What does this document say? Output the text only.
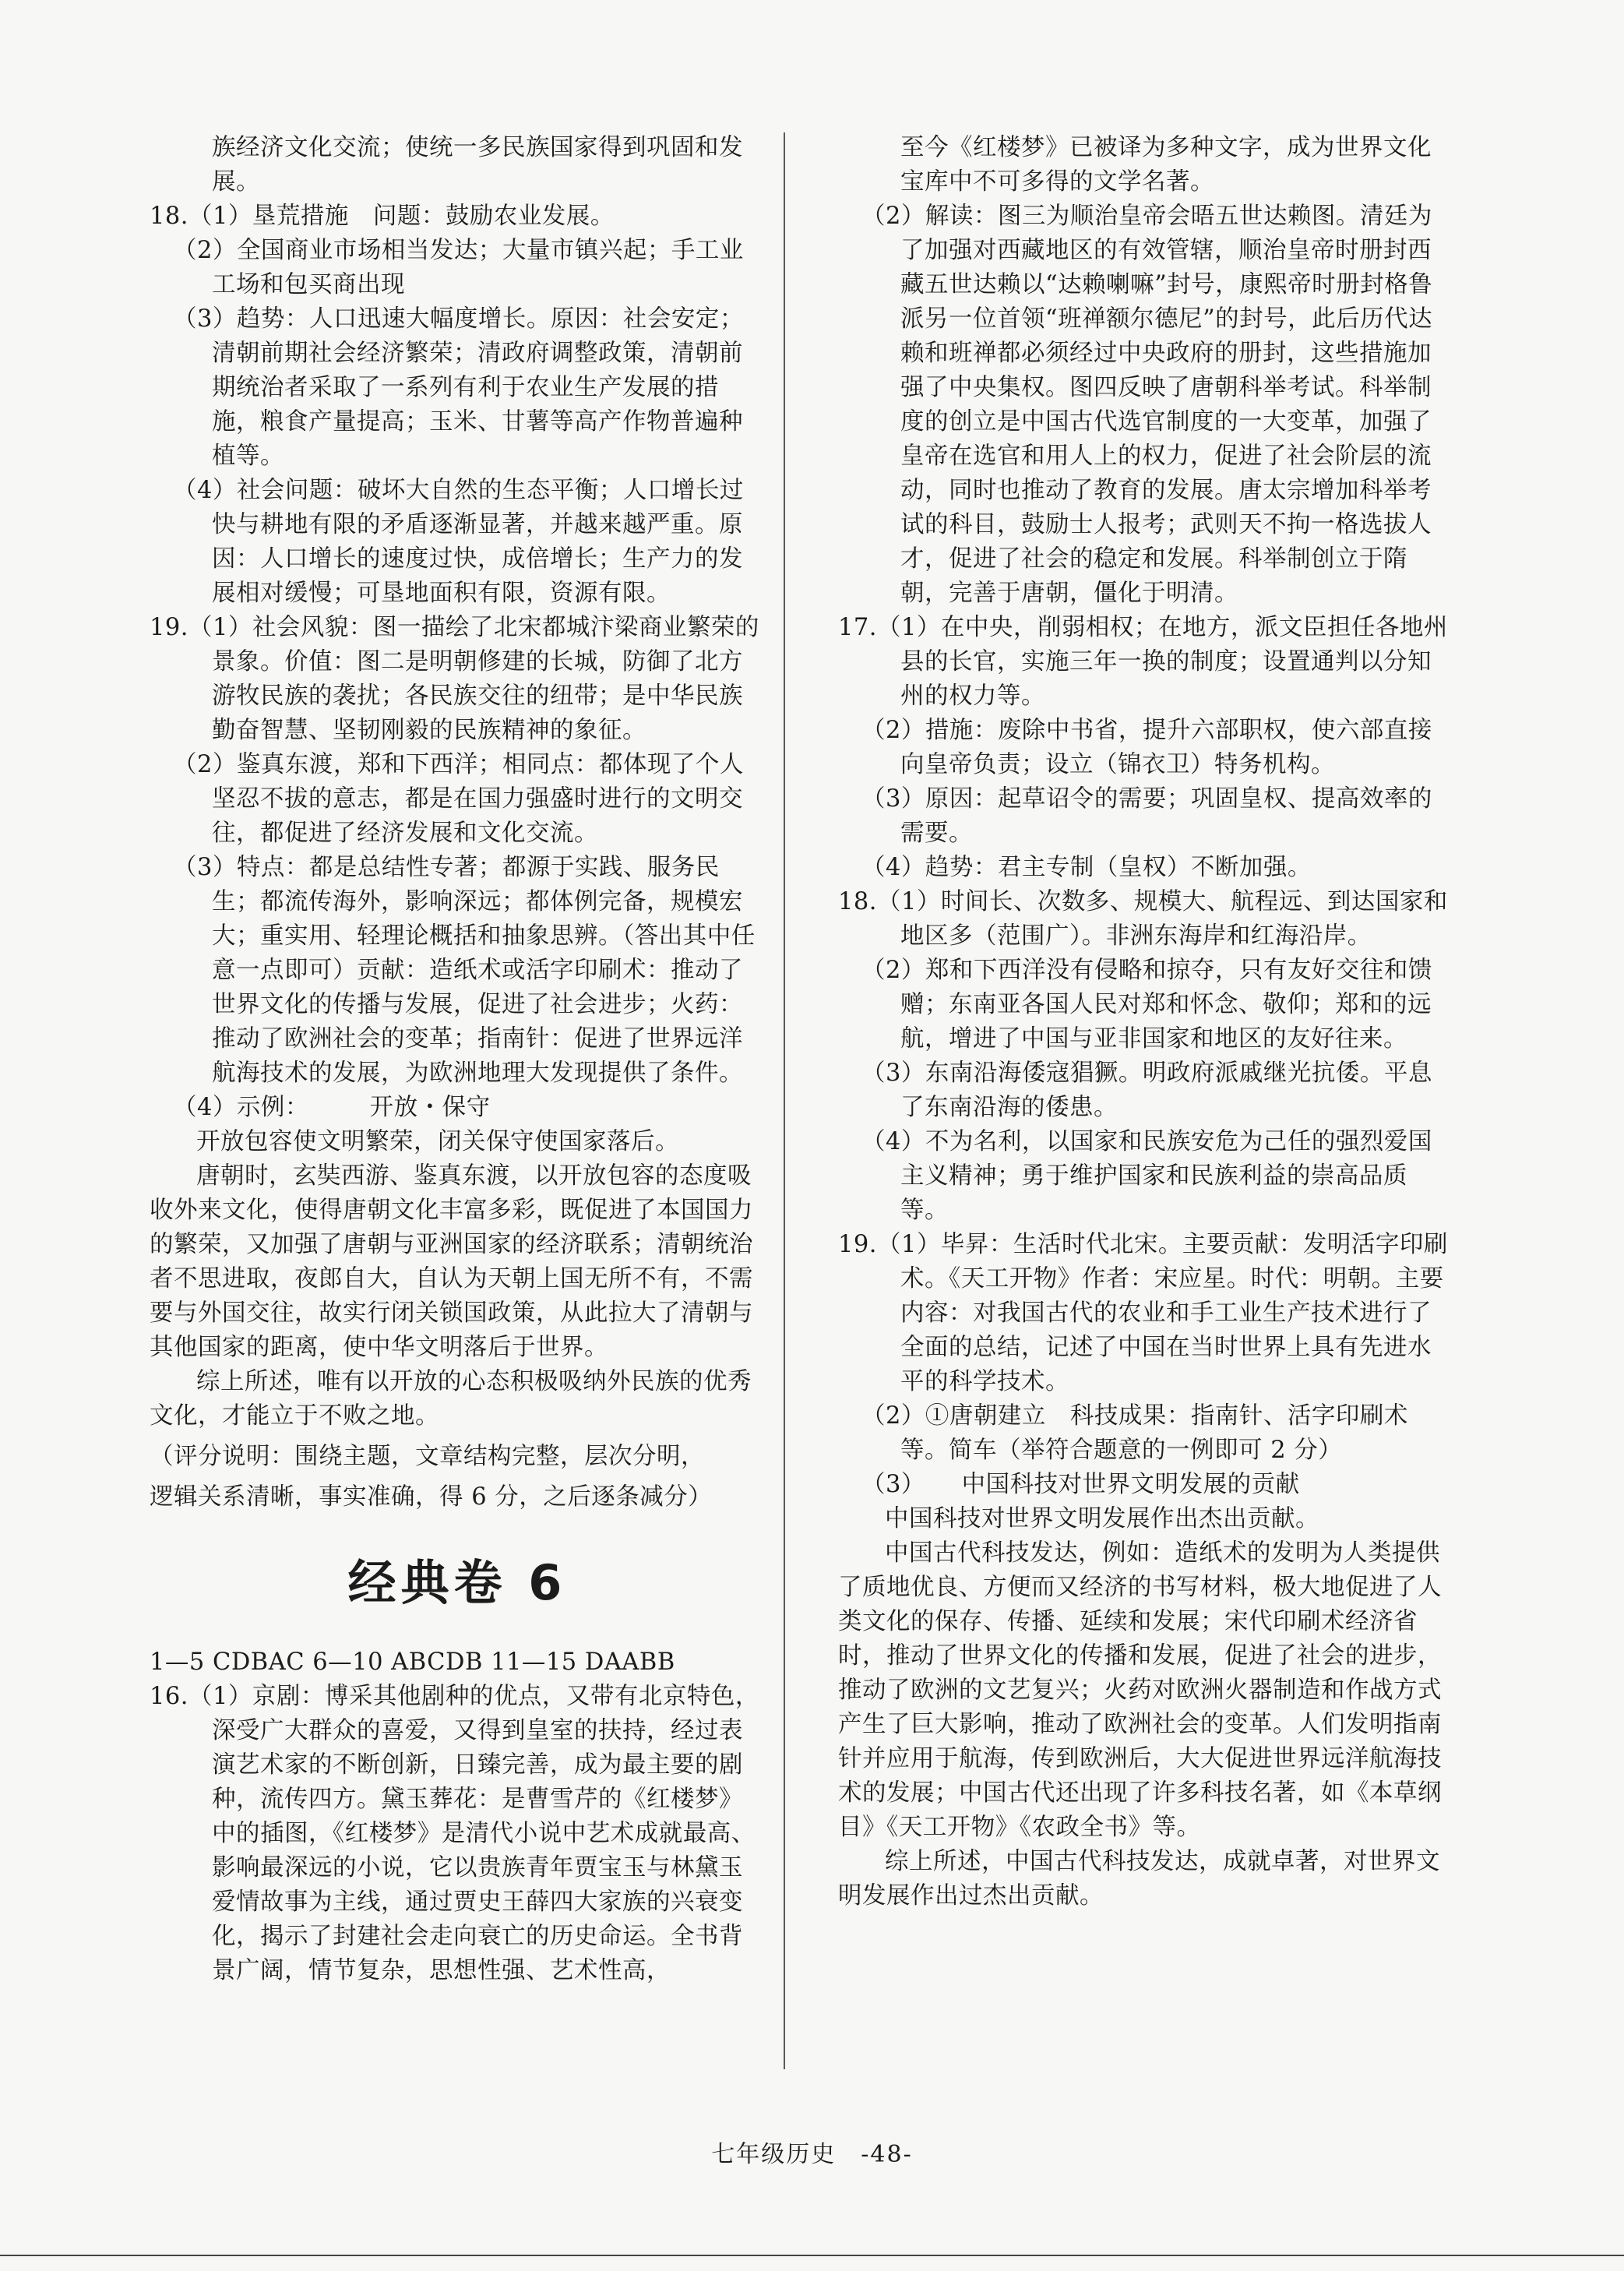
族经济文化交流；使统一多民族国家得到巩固和发展。

18.（1）垦荒措施　问题：鼓励农业发展。

（2）全国商业市场相当发达；大量市镇兴起；手工业工场和包买商出现

（3）趋势：人口迅速大幅度增长。原因：社会安定；清朝前期社会经济繁荣；清政府调整政策，清朝前期统治者采取了一系列有利于农业生产发展的措施，粮食产量提高；玉米、甘薯等高产作物普遍种植等。

（4）社会问题：破坏大自然的生态平衡；人口增长过快与耕地有限的矛盾逐渐显著，并越来越严重。原因：人口增长的速度过快，成倍增长；生产力的发展相对缓慢；可垦地面积有限，资源有限。

19.（1）社会风貌：图一描绘了北宋都城汴梁商业繁荣的景象。价值：图二是明朝修建的长城，防御了北方游牧民族的袭扰；各民族交往的纽带；是中华民族勤奋智慧、坚韧刚毅的民族精神的象征。

（2）鉴真东渡，郑和下西洋；相同点：都体现了个人坚忍不拔的意志，都是在国力强盛时进行的文明交往，都促进了经济发展和文化交流。

（3）特点：都是总结性专著；都源于实践、服务民生；都流传海外，影响深远；都体例完备，规模宏大；重实用、轻理论概括和抽象思辨。（答出其中任意一点即可）贡献：造纸术或活字印刷术：推动了世界文化的传播与发展，促进了社会进步；火药：推动了欧洲社会的变革；指南针：促进了世界远洋航海技术的发展，为欧洲地理大发现提供了条件。

（4）示例：　　　开放・保守

开放包容使文明繁荣，闭关保守使国家落后。

唐朝时，玄奘西游、鉴真东渡，以开放包容的态度吸收外来文化，使得唐朝文化丰富多彩，既促进了本国国力的繁荣，又加强了唐朝与亚洲国家的经济联系；清朝统治者不思进取，夜郎自大，自认为天朝上国无所不有，不需要与外国交往，故实行闭关锁国政策，从此拉大了清朝与其他国家的距离，使中华文明落后于世界。

综上所述，唯有以开放的心态积极吸纳外民族的优秀文化，才能立于不败之地。

（评分说明：围绕主题，文章结构完整，层次分明，

逻辑关系清晰，事实准确，得 6 分，之后逐条减分）

经典卷 6

1—5 CDBAC 6—10 ABCDB 11—15 DAABB

16.（1）京剧：博采其他剧种的优点，又带有北京特色，深受广大群众的喜爱，又得到皇室的扶持，经过表演艺术家的不断创新，日臻完善，成为最主要的剧种，流传四方。黛玉葬花：是曹雪芹的《红楼梦》中的插图，《红楼梦》是清代小说中艺术成就最高、影响最深远的小说，它以贵族青年贾宝玉与林黛玉爱情故事为主线，通过贾史王薛四大家族的兴衰变化，揭示了封建社会走向衰亡的历史命运。全书背景广阔，情节复杂，思想性强、艺术性高，

至今《红楼梦》已被译为多种文字，成为世界文化宝库中不可多得的文学名著。

（2）解读：图三为顺治皇帝会晤五世达赖图。清廷为了加强对西藏地区的有效管辖，顺治皇帝时册封西藏五世达赖以“达赖喇嘛”封号，康熙帝时册封格鲁派另一位首领“班禅额尔德尼”的封号，此后历代达赖和班禅都必须经过中央政府的册封，这些措施加强了中央集权。图四反映了唐朝科举考试。科举制度的创立是中国古代选官制度的一大变革，加强了皇帝在选官和用人上的权力，促进了社会阶层的流动，同时也推动了教育的发展。唐太宗增加科举考试的科目，鼓励士人报考；武则天不拘一格选拔人才，促进了社会的稳定和发展。科举制创立于隋朝，完善于唐朝，僵化于明清。

17.（1）在中央，削弱相权；在地方，派文臣担任各地州县的长官，实施三年一换的制度；设置通判以分知州的权力等。

（2）措施：废除中书省，提升六部职权，使六部直接向皇帝负责；设立（锦衣卫）特务机构。

（3）原因：起草诏令的需要；巩固皇权、提高效率的需要。

（4）趋势：君主专制（皇权）不断加强。

18.（1）时间长、次数多、规模大、航程远、到达国家和地区多（范围广）。非洲东海岸和红海沿岸。

（2）郑和下西洋没有侵略和掠夺，只有友好交往和馈赠；东南亚各国人民对郑和怀念、敬仰；郑和的远航，增进了中国与亚非国家和地区的友好往来。

（3）东南沿海倭寇猖獗。明政府派戚继光抗倭。平息了东南沿海的倭患。

（4）不为名利，以国家和民族安危为己任的强烈爱国主义精神；勇于维护国家和民族利益的崇高品质等。

19.（1）毕昇：生活时代北宋。主要贡献：发明活字印刷术。《天工开物》作者：宋应星。时代：明朝。主要内容：对我国古代的农业和手工业生产技术进行了全面的总结，记述了中国在当时世界上具有先进水平的科学技术。

（2）①唐朝建立　科技成果：指南针、活字印刷术等。简车（举符合题意的一例即可 2 分）

（3）　　中国科技对世界文明发展的贡献

中国科技对世界文明发展作出杰出贡献。

中国古代科技发达，例如：造纸术的发明为人类提供了质地优良、方便而又经济的书写材料，极大地促进了人类文化的保存、传播、延续和发展；宋代印刷术经济省时，推动了世界文化的传播和发展，促进了社会的进步，推动了欧洲的文艺复兴；火药对欧洲火器制造和作战方式产生了巨大影响，推动了欧洲社会的变革。人们发明指南针并应用于航海，传到欧洲后，大大促进世界远洋航海技术的发展；中国古代还出现了许多科技名著，如《本草纲目》《天工开物》《农政全书》等。

综上所述，中国古代科技发达，成就卓著，对世界文明发展作出过杰出贡献。

七年级历史　-48-
